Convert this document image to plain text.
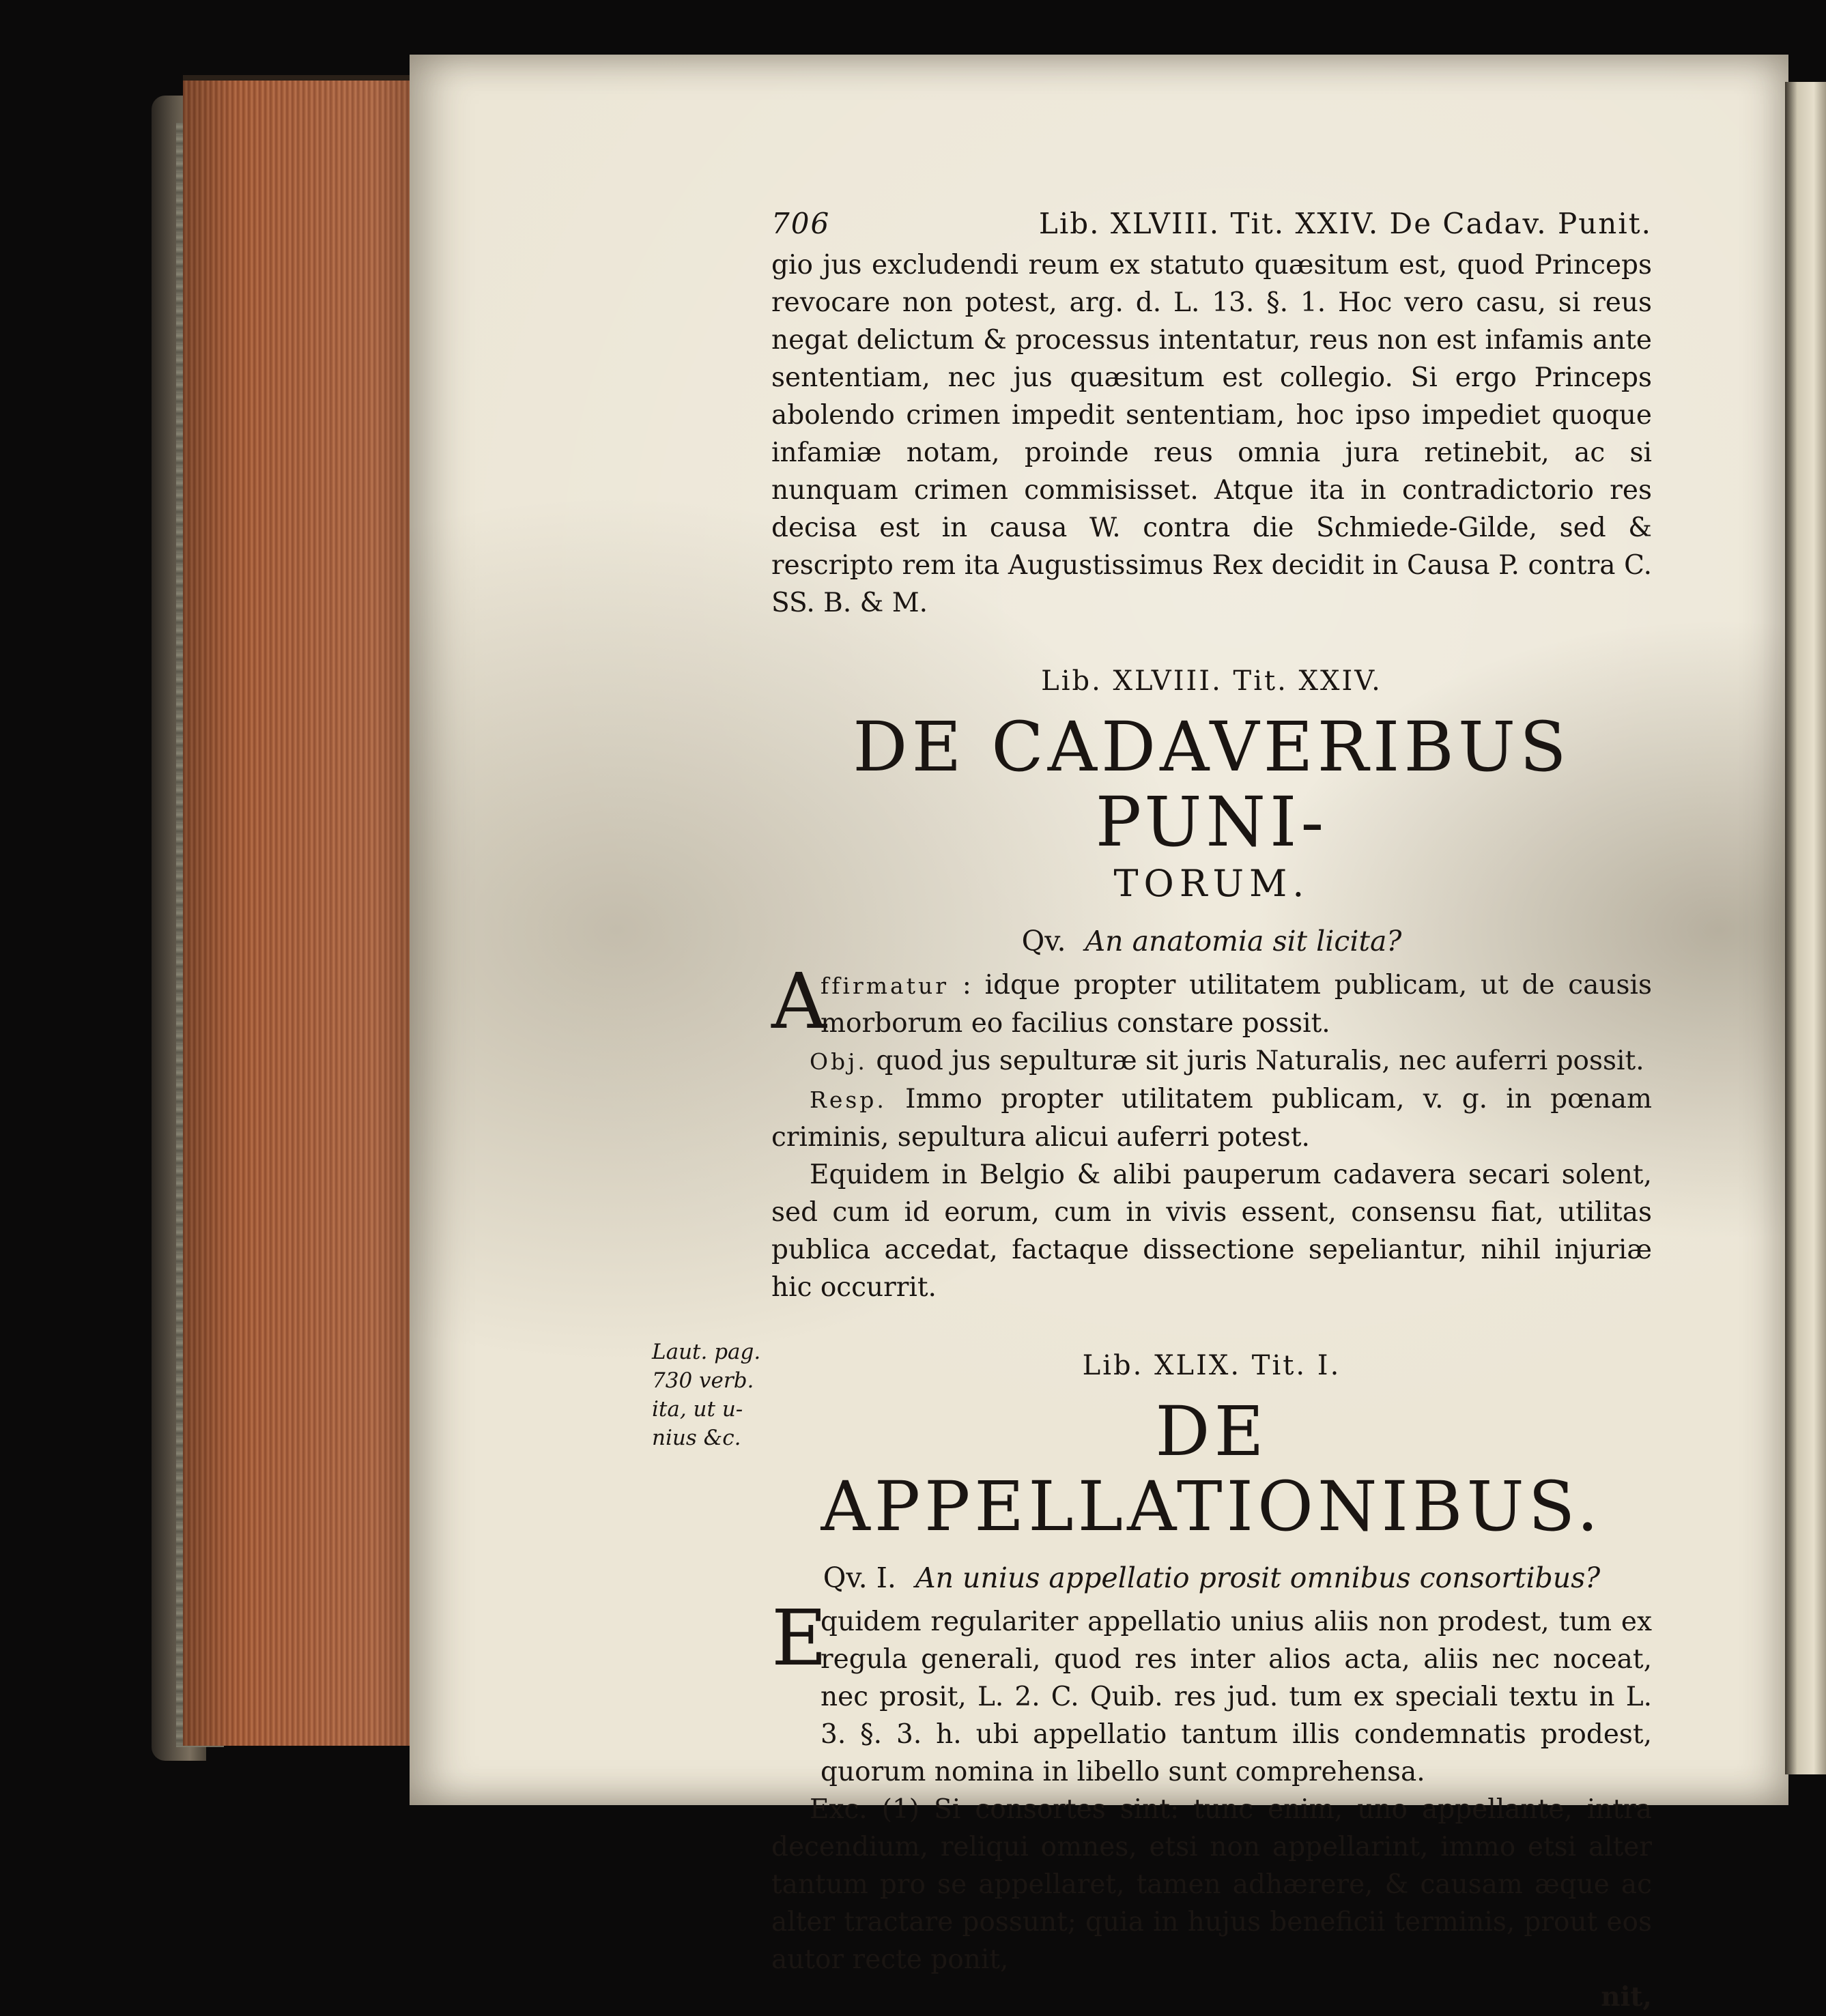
Laut. pag.
730 verb.
ita, ut u-
nius &c.
706	Lib. XLVIII. Tit. XXIV. De Cadav. Punit.

gio jus excludendi reum ex statuto quæsitum est, quod Princeps revocare non potest, arg. d. L. 13. §. 1. Hoc vero casu, si reus negat delictum & processus intentatur, reus non est infamis ante sententiam, nec jus quæsitum est collegio. Si ergo Princeps abolendo crimen impedit sententiam, hoc ipso impediet quoque infamiæ notam, proinde reus omnia jura retinebit, ac si nunquam crimen commisisset. Atque ita in contradictorio res decisa est in causa W. contra die Schmiede-Gilde, sed & rescripto rem ita Augustissimus Rex decidit in Causa P. contra C. SS. B. & M.

Lib. XLVIII. Tit. XXIV.
DE CADAVERIBUS PUNI-
TORUM.
Qv. An anatomia sit licita?

A
ffirmatur : idque propter utilitatem publicam, ut de causis morborum eo facilius constare possit.

Obj. quod jus sepulturæ sit juris Naturalis, nec auferri possit.

Resp. Immo propter utilitatem publicam, v. g. in pœnam criminis, sepultura alicui auferri potest.

Equidem in Belgio & alibi pauperum cadavera secari solent, sed cum id eorum, cum in vivis essent, consensu fiat, utilitas publica accedat, factaque dissectione sepeliantur, nihil injuriæ hic occurrit.

Lib. XLIX. Tit. I.
DE APPELLATIONIBUS.
Qv. I. An unius appellatio prosit omnibus consortibus?

E
quidem regulariter appellatio unius aliis non prodest, tum ex regula generali, quod res inter alios acta, aliis nec noceat, nec prosit, L. 2. C. Quib. res jud. tum ex speciali textu in L. 3. §. 3. h. ubi appellatio tantum illis condemnatis prodest, quorum nomina in libello sunt comprehensa.

Exc. (1) Si consortes sint: tunc enim, uno appellante, intra decendium, reliqui omnes, etsi non appellarint, immo etsi alter tantum pro se appellaret, tamen adhærere, & causam æque ac alter tractare possunt; quia in hujus beneficii terminis, prout eos autor recte ponit,

nit,
